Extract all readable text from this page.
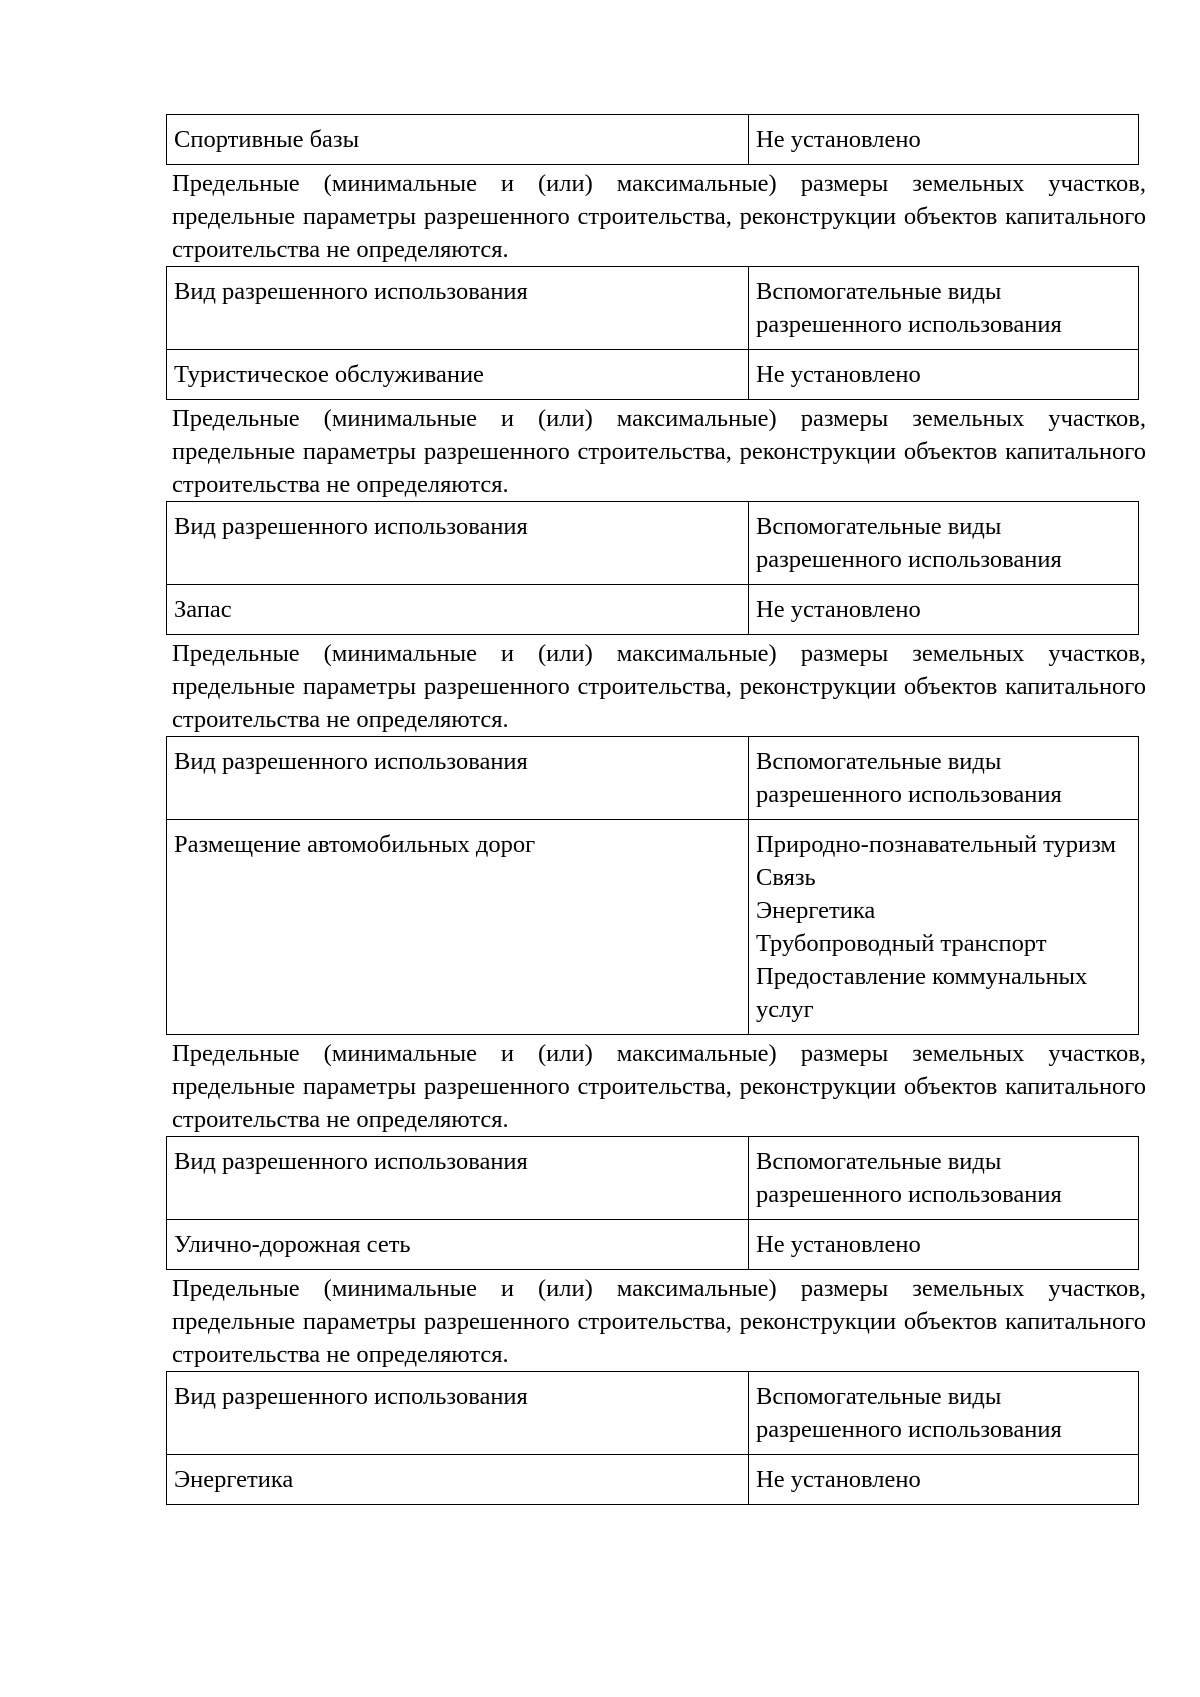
Спортивные базы	Не установлено

Предельные (минимальные и (или) максимальные) размеры земельных участков, предельные параметры разрешенного строительства, реконструкции объектов капитального строительства не определяются.

Вид разрешенного использования	Вспомогательные виды разрешенного использования
Туристическое обслуживание	Не установлено

Предельные (минимальные и (или) максимальные) размеры земельных участков, предельные параметры разрешенного строительства, реконструкции объектов капитального строительства не определяются.

Вид разрешенного использования	Вспомогательные виды разрешенного использования
Запас	Не установлено

Предельные (минимальные и (или) максимальные) размеры земельных участков, предельные параметры разрешенного строительства, реконструкции объектов капитального строительства не определяются.

Вид разрешенного использования	Вспомогательные виды разрешенного использования
Размещение автомобильных дорог	Природно-познавательный туризм
Связь
Энергетика
Трубопроводный транспорт
Предоставление коммунальных услуг

Предельные (минимальные и (или) максимальные) размеры земельных участков, предельные параметры разрешенного строительства, реконструкции объектов капитального строительства не определяются.

Вид разрешенного использования	Вспомогательные виды разрешенного использования
Улично-дорожная сеть	Не установлено

Предельные (минимальные и (или) максимальные) размеры земельных участков, предельные параметры разрешенного строительства, реконструкции объектов капитального строительства не определяются.

Вид разрешенного использования	Вспомогательные виды разрешенного использования
Энергетика	Не установлено
